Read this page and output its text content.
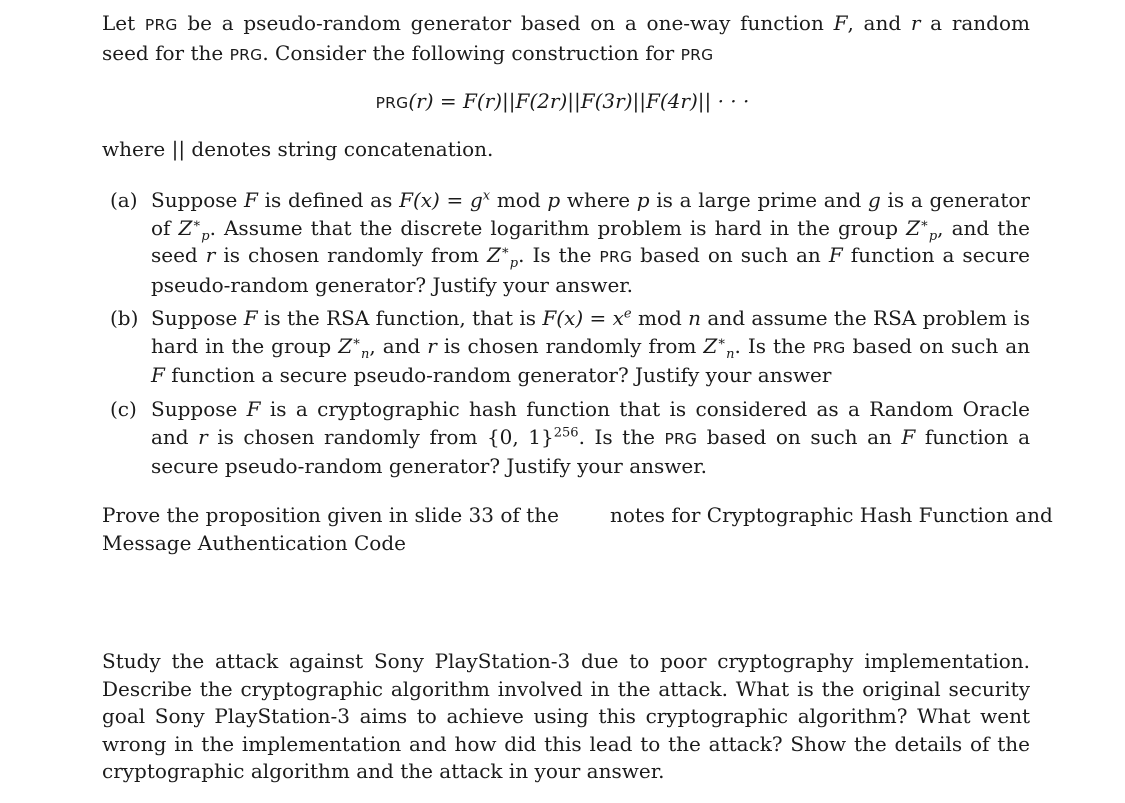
Let PRG be a pseudo-random generator based on a one-way function F, and r a random seed for the PRG. Consider the following construction for PRG
PRG(r) = F(r)||F(2r)||F(3r)||F(4r)|| · · ·
where || denotes string concatenation.
(a) Suppose F is defined as $F(x) = g^x$ mod p where p is a large prime and g is a generator of $Z^∗_p$. Assume that the discrete logarithm problem is hard in the group $Z^∗_p$, and the seed r is chosen randomly from $Z^∗_p$. Is the PRG based on such an F function a secure pseudo-random generator? Justify your answer.
(b) Suppose F is the RSA function, that is $F(x) = x^e$ mod n and assume the RSA problem is hard in the group $Z^∗_n$, and r is chosen randomly from $Z^∗_n$. Is the PRG based on such an F function a secure pseudo-random generator? Justify your answer
(c) Suppose F is a cryptographic hash function that is considered as a Random Oracle and r is chosen randomly from {0, 1}$^{256}$. Is the PRG based on such an F function a secure pseudo-random generator? Justify your answer.
Prove the proposition given in slide 33 of the	notes for Cryptographic Hash Function and
Message Authentication Code
Study the attack against Sony PlayStation-3 due to poor cryptography implementation. Describe the cryptographic algorithm involved in the attack. What is the original security goal Sony PlayStation-3 aims to achieve using this cryptographic algorithm? What went wrong in the implementation and how did this lead to the attack? Show the details of the cryptographic algorithm and the attack in your answer.
